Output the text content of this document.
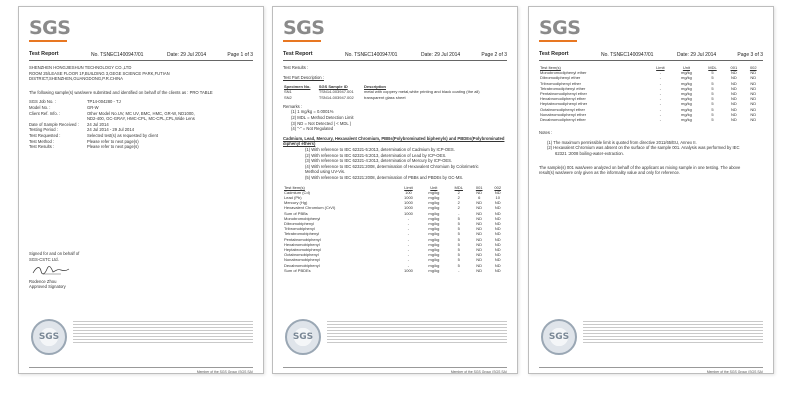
SGS
Test Report	No. TSNEC1400947/01	Date: 29 Jul 2014	Page 1 of 3
SHENZHEN HONGJIESHUN TECHNOLOGY CO.,LTD
ROOM 25/LEASE FLOOR 1F,BUILDING 3,GEGE SCIENCE PARK,FUTIAN
DISTRICT,SHENZHEN,GUANGDONG,P.R.CHINA
The following sample(s) was/were submitted and identified on behalf of the clients as : PRO TABLE
SGS Job No. :	TP14-004280 - TJ
Model No. :	GR-W
Client Ref. Info. :	Other Model No.UV, MC UV, BMC, HMC, GR-W, ND1000,
ND2-400, GC-GRAY, HMC-CPL, MC-CPL,CPL,Wide Lens
Date of Sample Received :	24 Jul 2014
Testing Period :	24 Jul 2014 - 29 Jul 2014
Test Requested :	Selected test(s) as requested by client
Test Method :	Please refer to next page(s)
Test Results :	Please refer to next page(s)
Signed for and on behalf of
SGS-CSTC Ltd.
Rodence Zhou
Approved Signatory
SGS
Member of the SGS Group (SGS SA)
SGS
Test Report	No. TSNEC1400947/01	Date: 29 Jul 2014	Page 2 of 3
Test Results :
Test Part Description :
Specimen No.	SGS Sample ID	Description
SN1	TSN14-003947.001	metal with coppery metal,white printing and black coating (the all)
SN2	TSN14-003947.002	transparent glass sheet
Remarks :
(1) 1 mg/kg = 0.0001%
(2) MDL = Method Detection Limit
(3) ND = Not Detected ( < MDL )
(4) "-" = Not Regulated
Cadmium, Lead, Mercury, Hexavalent Chromium, PBBs(Polybrominated biphenyls) and PBDEs(Polybrominated diphenyl ethers)
(1) With reference to IEC 62321-5:2013, determination of Cadmium by ICP-OES.
(2) With reference to IEC 62321-5:2013, determination of Lead by ICP-OES.
(3) With reference to IEC 62321-4:2013, determination of Mercury by ICP-OES.
(4) With reference to IEC 62321:2008, determination of Hexavalent Chromium by Colorimetric
Method using UV-Vis.
(5) With reference to IEC 62321:2008, determination of PBBs and PBDEs by GC-MS.
Test Item(s)	Limit	Unit	MDL	001	002
Cadmium (Cd)	100	mg/kg	2	ND	ND
Lead (Pb)	1000	mg/kg	2	6	10
Mercury (Hg)	1000	mg/kg	2	ND	ND
Hexavalent Chromium (CrVI)	1000	mg/kg	2	ND	ND
Sum of PBBs	1000	mg/kg	-	ND	ND
Monobromobiphenyl	-	mg/kg	5	ND	ND
Dibromobiphenyl	-	mg/kg	5	ND	ND
Tribromobiphenyl	-	mg/kg	5	ND	ND
Tetrabromobiphenyl	-	mg/kg	5	ND	ND
Pentabromobiphenyl	-	mg/kg	5	ND	ND
Hexabromobiphenyl	-	mg/kg	5	ND	ND
Heptabromobiphenyl	-	mg/kg	5	ND	ND
Octabromobiphenyl	-	mg/kg	5	ND	ND
Nonabromobiphenyl	-	mg/kg	5	ND	ND
Decabromobiphenyl	-	mg/kg	5	ND	ND
Sum of PBDEs	1000	mg/kg	-	ND	ND
SGS
Member of the SGS Group (SGS SA)
SGS
Test Report	No. TSNEC1400947/01	Date: 29 Jul 2014	Page 3 of 3
Test Item(s)	Limit	Unit	MDL	001	002
Monobromodiphenyl ether	-	mg/kg	5	ND	ND
Dibromodiphenyl ether	-	mg/kg	5	ND	ND
Tribromodiphenyl ether	-	mg/kg	5	ND	ND
Tetrabromodiphenyl ether	-	mg/kg	5	ND	ND
Pentabromodiphenyl ether	-	mg/kg	5	ND	ND
Hexabromodiphenyl ether	-	mg/kg	5	ND	ND
Heptabromodiphenyl ether	-	mg/kg	5	ND	ND
Octabromodiphenyl ether	-	mg/kg	5	ND	ND
Nonabromodiphenyl ether	-	mg/kg	5	ND	ND
Decabromodiphenyl ether	-	mg/kg	5	ND	ND
Notes :
(1) The maximum permissible limit is quoted from directive 2011/65/EU, Annex II.
(2) Hexavalent Chromium was absent on the surface of the sample 001. Analysis was performed by IEC
62321 :2008 boiling-water-extraction.
The sample(s) 001 was/were analyzed on behalf of the applicant as mixing sample in one testing. The above
result(s) was/were only given as the informality value and only for reference.
SGS
Member of the SGS Group (SGS SA)
